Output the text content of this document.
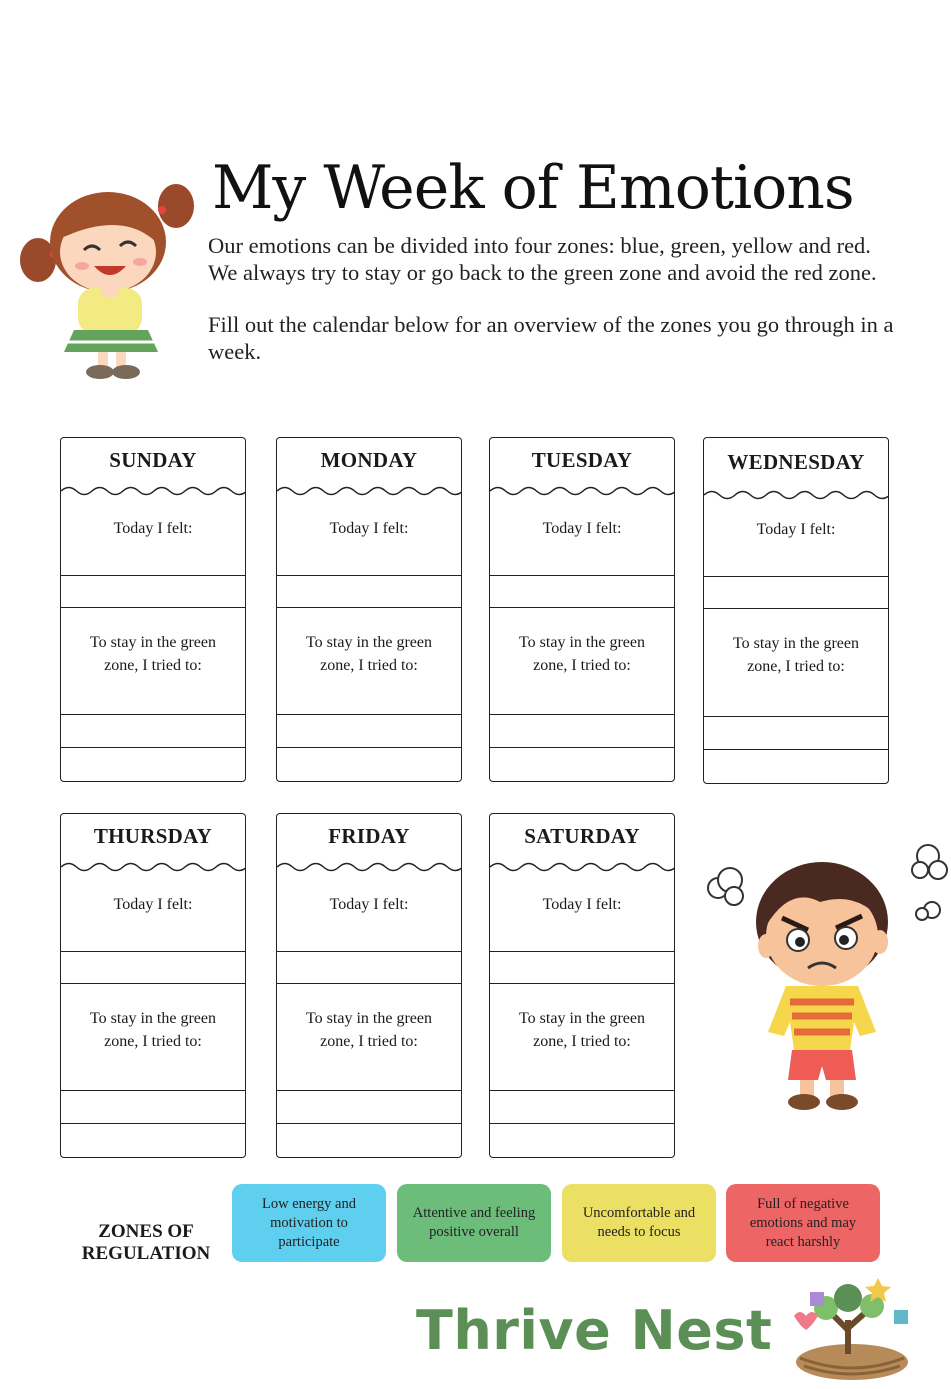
My Week of Emotions

Our emotions can be divided into four zones: blue, green, yellow and red. We always try to stay or go back to the green zone and avoid the red zone.

Fill out the calendar below for an overview of the zones you go through in a week.

SUNDAY
Today I felt:
To stay in the green zone, I tried to:
MONDAY
Today I felt:
To stay in the green zone, I tried to:
TUESDAY
Today I felt:
To stay in the green zone, I tried to:
WEDNESDAY
Today I felt:
To stay in the green zone, I tried to:
THURSDAY
Today I felt:
To stay in the green zone, I tried to:
FRIDAY
Today I felt:
To stay in the green zone, I tried to:
SATURDAY
Today I felt:
To stay in the green zone, I tried to:
ZONES OF REGULATION
Low energy and motivation to participate
Attentive and feeling positive overall
Uncomfortable and needs to focus
Full of negative emotions and may react harshly
Thrive Nest
